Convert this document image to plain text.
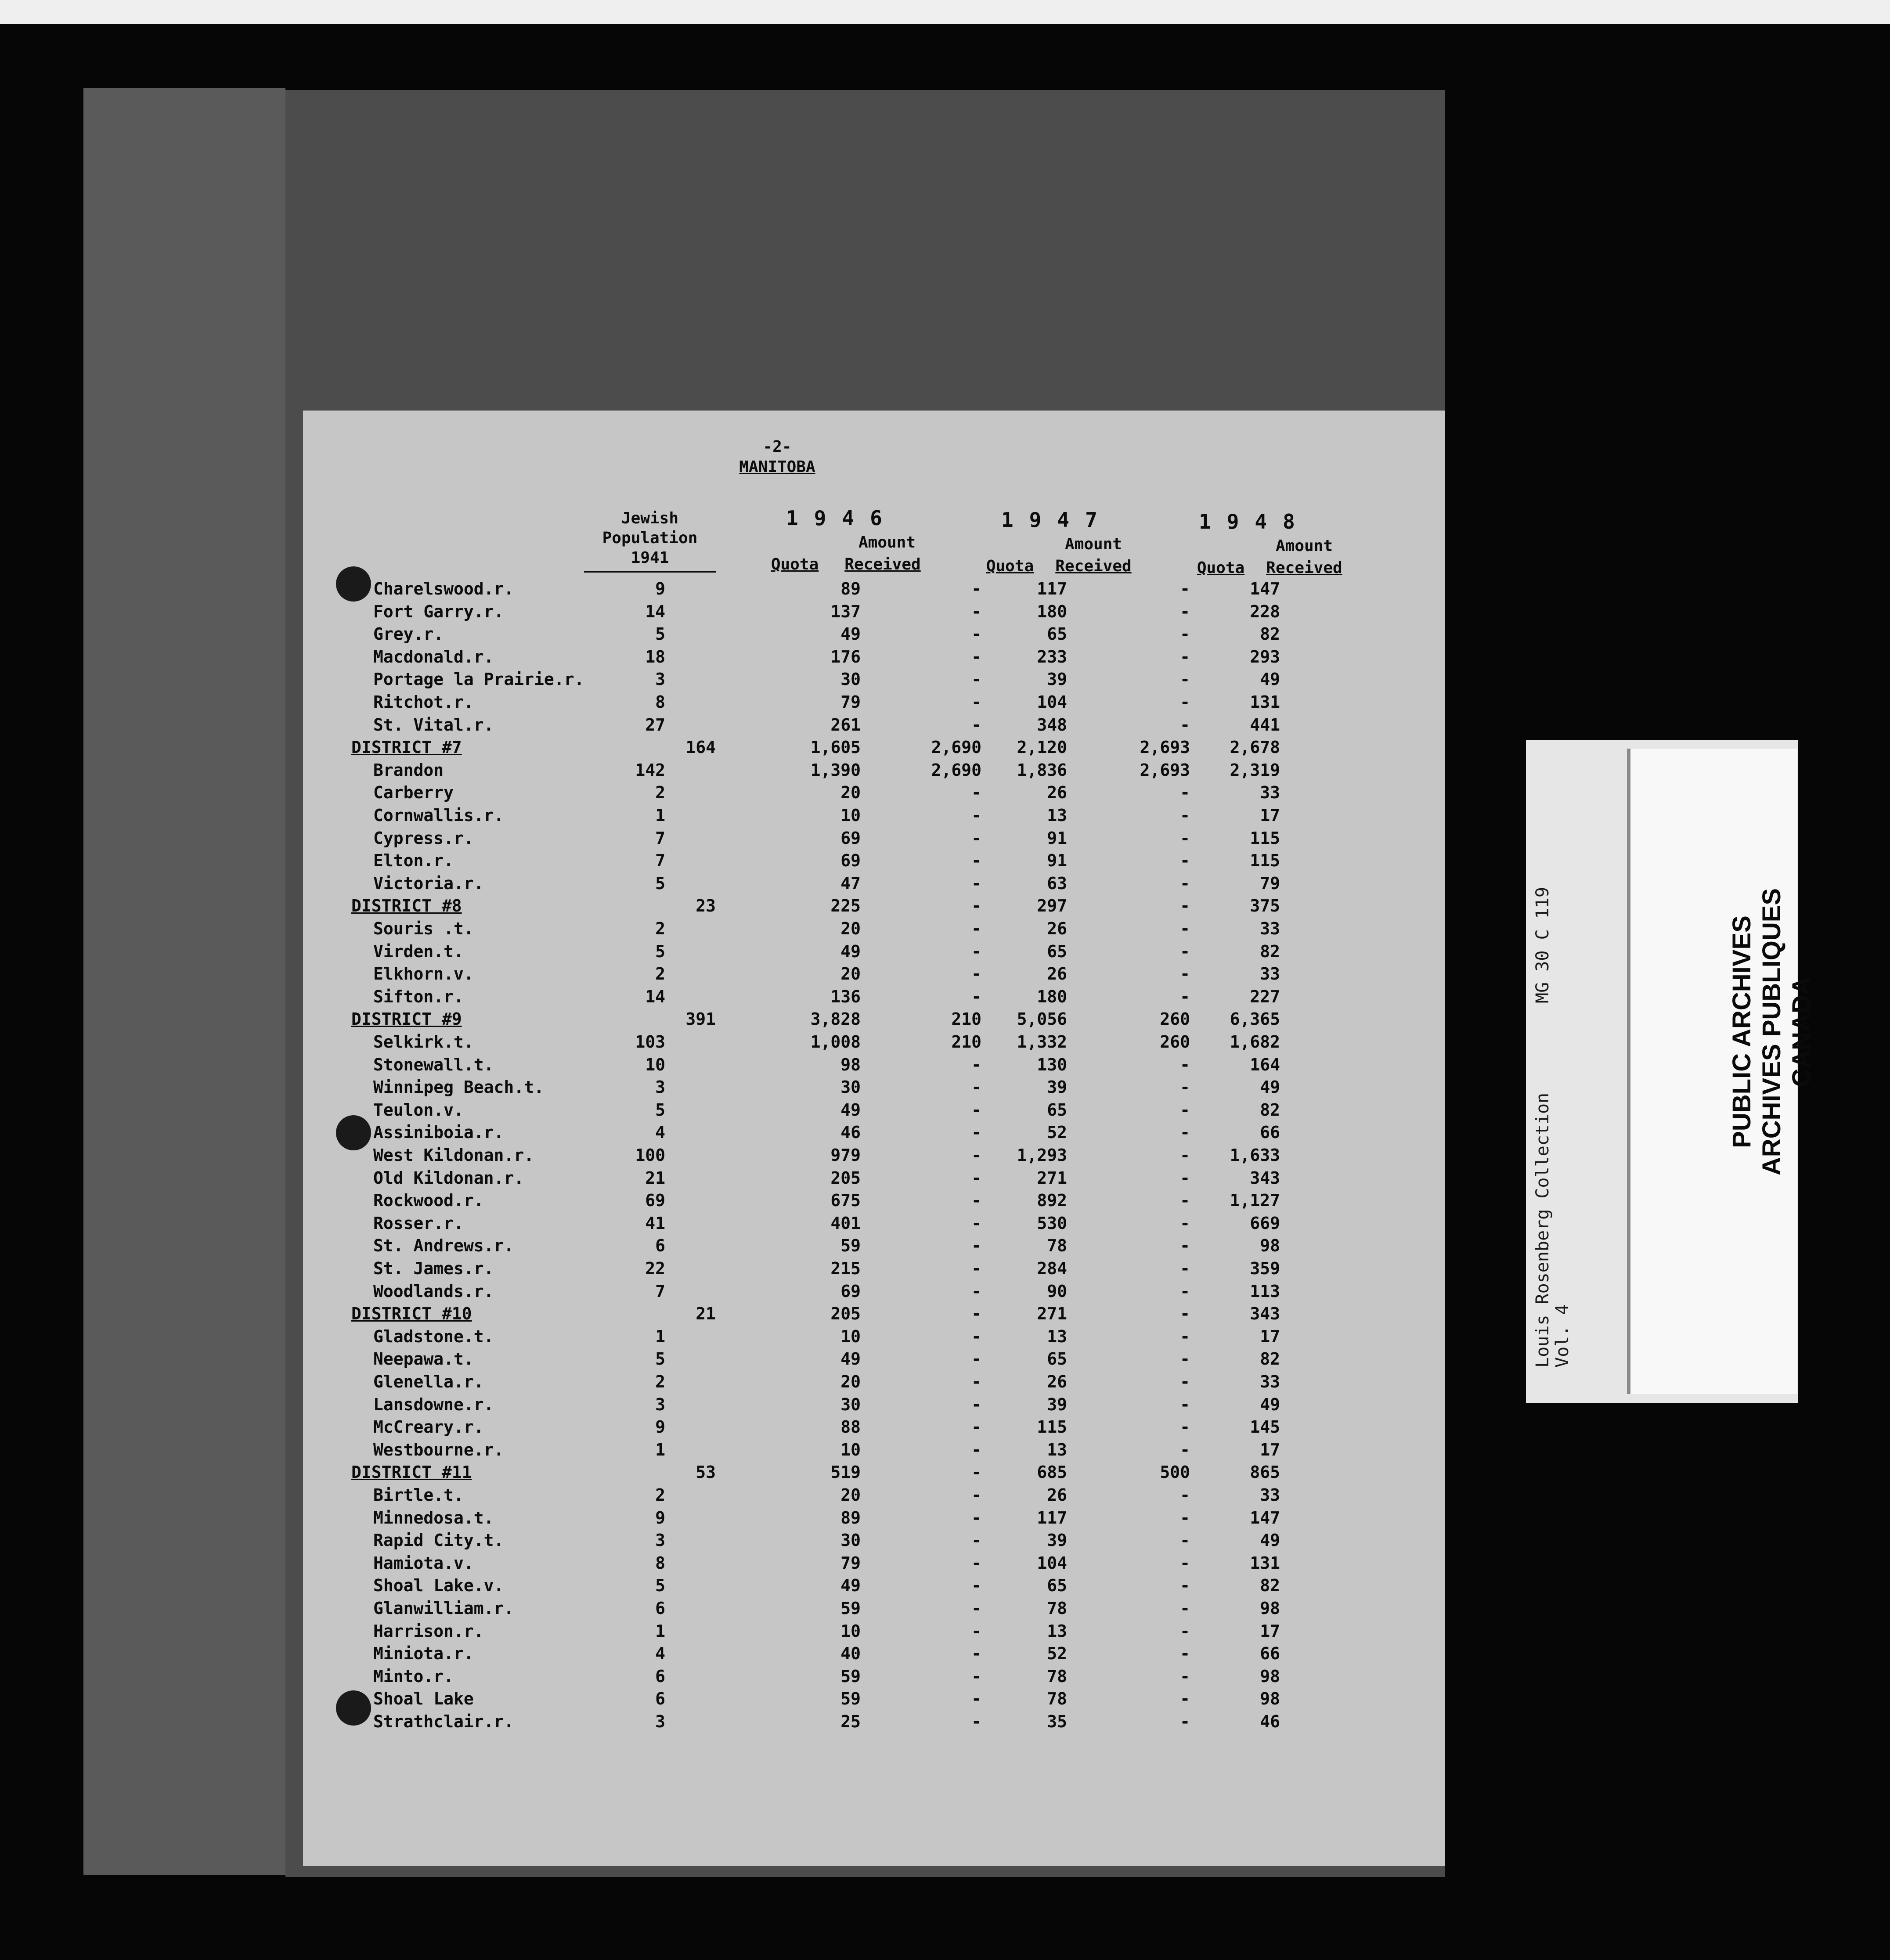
-2-
MANITOBA
Jewish
Population
1941
1946	1947	1948
Amount	Amount	Amount
Quota	Received	Quota	Received	Quota	Received
Charelswood.r.	9	89	-	117	-	147
Fort Garry.r.	14	137	-	180	-	228
Grey.r.	5	49	-	65	-	82
Macdonald.r.	18	176	-	233	-	293
Portage la Prairie.r.	3	30	-	39	-	49
Ritchot.r.	8	79	-	104	-	131
St. Vital.r.	27	261	-	348	-	441
DISTRICT #7	164	1,605	2,690	2,120	2,693	2,678
Brandon	142	1,390	2,690	1,836	2,693	2,319
Carberry	2	20	-	26	-	33
Cornwallis.r.	1	10	-	13	-	17
Cypress.r.	7	69	-	91	-	115
Elton.r.	7	69	-	91	-	115
Victoria.r.	5	47	-	63	-	79
DISTRICT #8	23	225	-	297	-	375
Souris .t.	2	20	-	26	-	33
Virden.t.	5	49	-	65	-	82
Elkhorn.v.	2	20	-	26	-	33
Sifton.r.	14	136	-	180	-	227
DISTRICT #9	391	3,828	210	5,056	260	6,365
Selkirk.t.	103	1,008	210	1,332	260	1,682
Stonewall.t.	10	98	-	130	-	164
Winnipeg Beach.t.	3	30	-	39	-	49
Teulon.v.	5	49	-	65	-	82
Assiniboia.r.	4	46	-	52	-	66
West Kildonan.r.	100	979	-	1,293	-	1,633
Old Kildonan.r.	21	205	-	271	-	343
Rockwood.r.	69	675	-	892	-	1,127
Rosser.r.	41	401	-	530	-	669
St. Andrews.r.	6	59	-	78	-	98
St. James.r.	22	215	-	284	-	359
Woodlands.r.	7	69	-	90	-	113
DISTRICT #10	21	205	-	271	-	343
Gladstone.t.	1	10	-	13	-	17
Neepawa.t.	5	49	-	65	-	82
Glenella.r.	2	20	-	26	-	33
Lansdowne.r.	3	30	-	39	-	49
McCreary.r.	9	88	-	115	-	145
Westbourne.r.	1	10	-	13	-	17
DISTRICT #11	53	519	-	685	500	865
Birtle.t.	2	20	-	26	-	33
Minnedosa.t.	9	89	-	117	-	147
Rapid City.t.	3	30	-	39	-	49
Hamiota.v.	8	79	-	104	-	131
Shoal Lake.v.	5	49	-	65	-	82
Glanwilliam.r.	6	59	-	78	-	98
Harrison.r.	1	10	-	13	-	17
Miniota.r.	4	40	-	52	-	66
Minto.r.	6	59	-	78	-	98
Shoal Lake	6	59	-	78	-	98
Strathclair.r.	3	25	-	35	-	46
Louis Rosenberg Collection
MG 30 C 119
Vol. 4
PUBLIC ARCHIVES ARCHIVES PUBLIQUES CANADA
